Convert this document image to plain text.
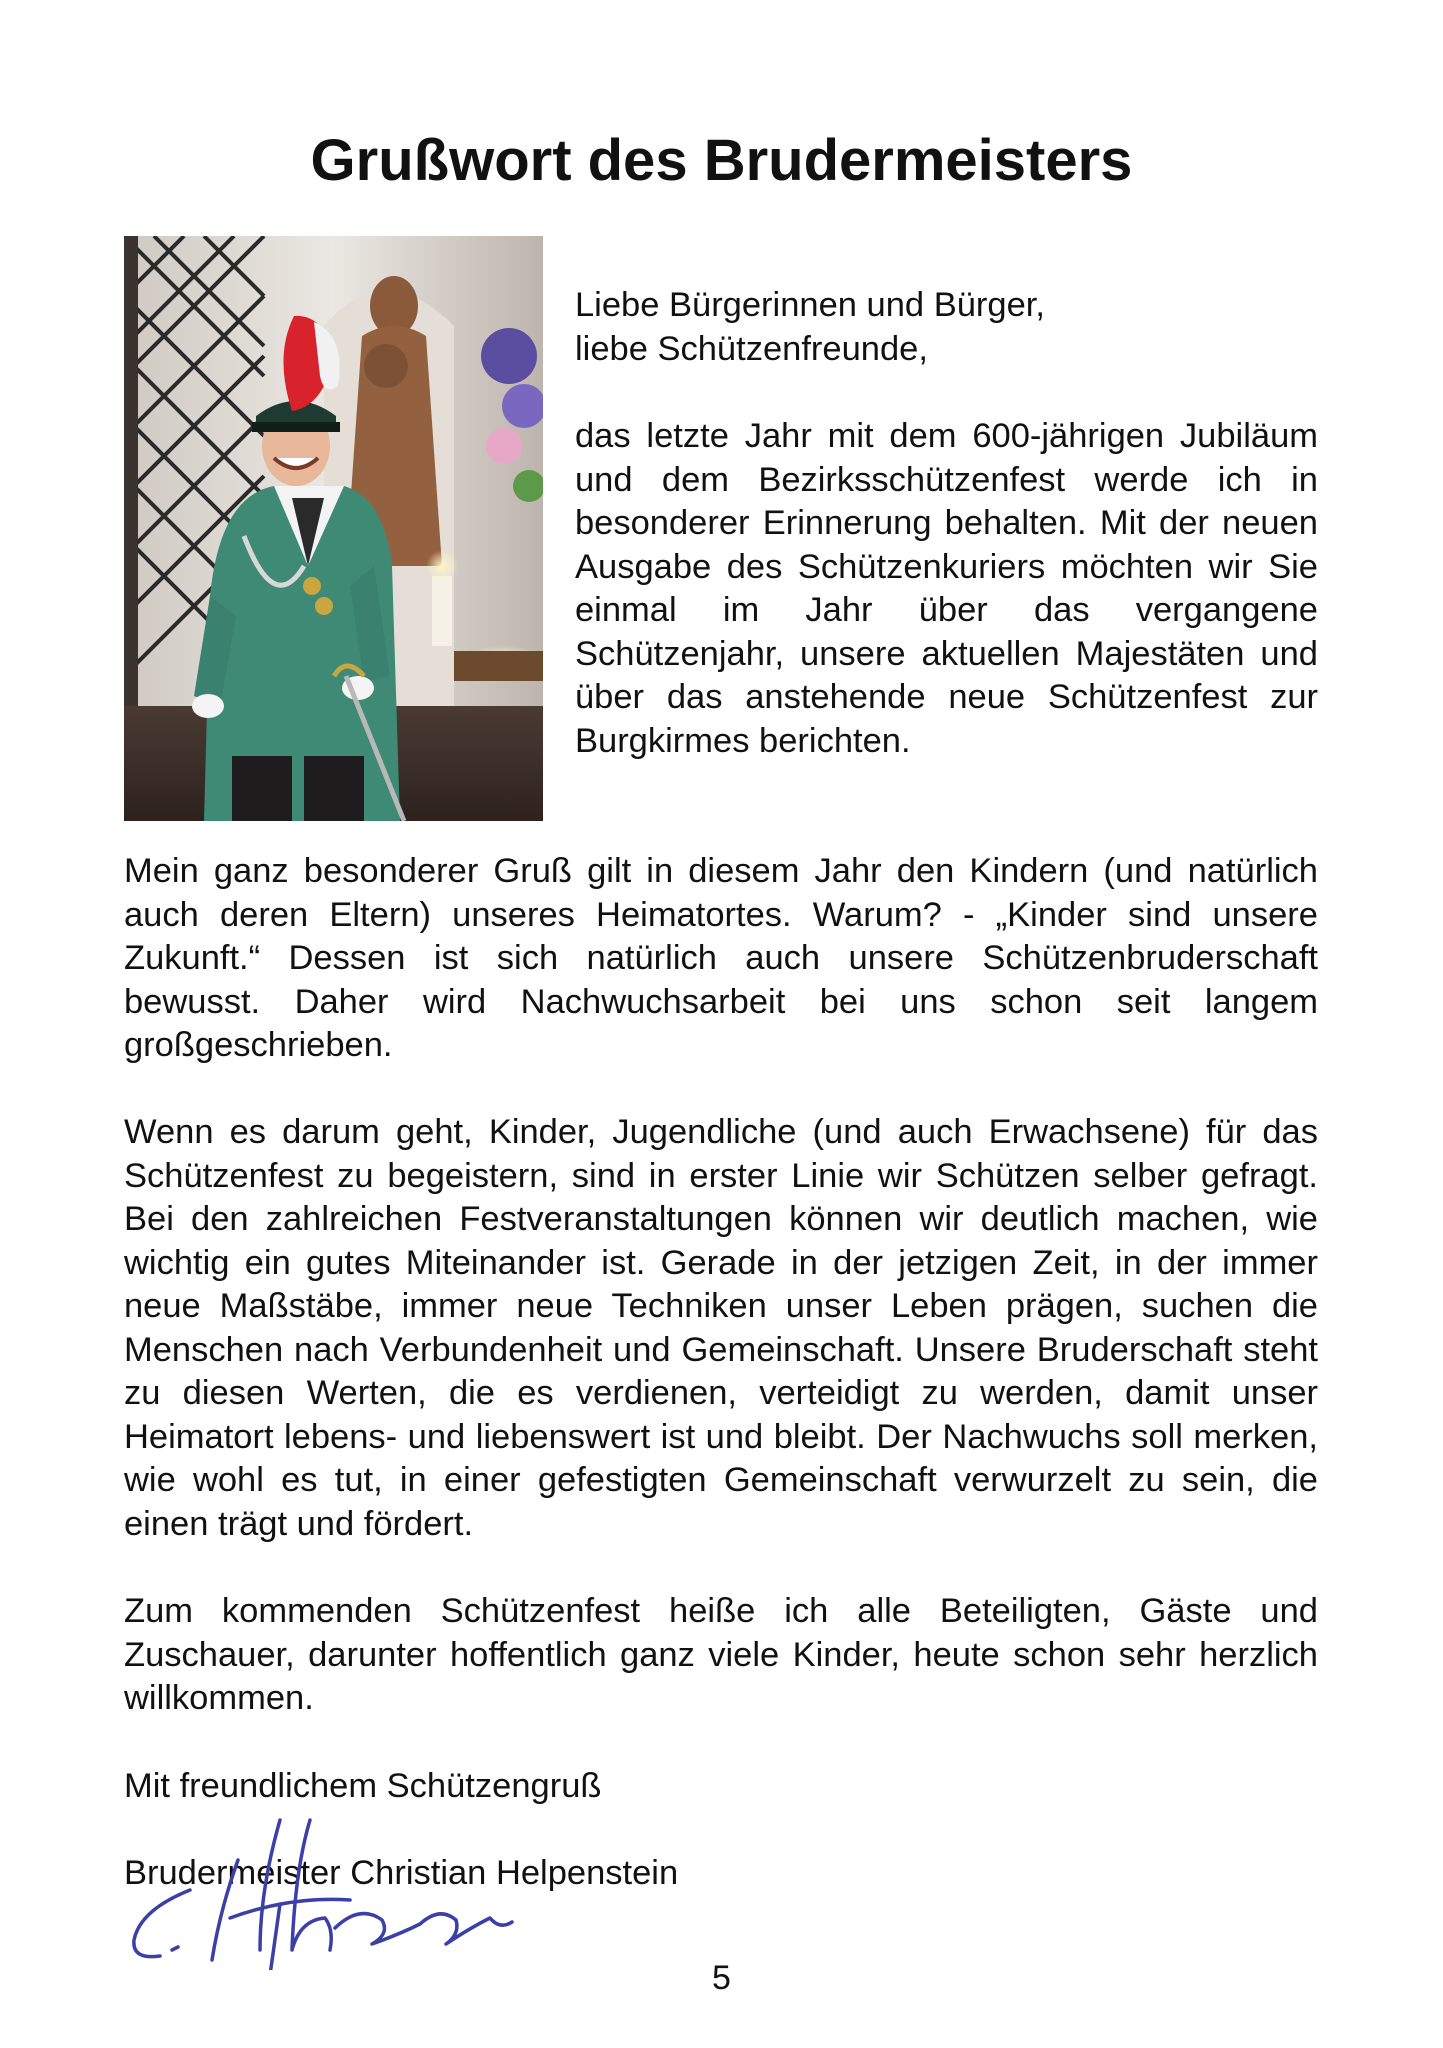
Grußwort des Brudermeisters

Liebe Bürgerinnen und Bürger,

liebe Schützenfreunde,

das letzte Jahr mit dem 600-jährigen Jubiläum und dem Bezirksschützenfest werde ich in besonderer Erinnerung behalten. Mit der neuen Ausgabe des Schützenkuriers möchten wir Sie einmal im Jahr über das vergangene Schützenjahr, unsere aktuellen Majestäten und über das anstehende neue Schützenfest zur Burgkirmes berichten.

Mein ganz besonderer Gruß gilt in diesem Jahr den Kindern (und natürlich auch deren Eltern) unseres Heimatortes. Warum? - „Kinder sind unsere Zukunft.“ Dessen ist sich natürlich auch unsere Schützenbruderschaft bewusst. Daher wird Nachwuchsarbeit bei uns schon seit langem großgeschrieben.

Wenn es darum geht, Kinder, Jugendliche (und auch Erwachsene) für das Schützenfest zu begeistern, sind in erster Linie wir Schützen selber gefragt. Bei den zahlreichen Festveranstaltungen können wir deutlich machen, wie wichtig ein gutes Miteinander ist. Gerade in der jetzigen Zeit, in der immer neue Maßstäbe, immer neue Techniken unser Leben prägen, suchen die Menschen nach Verbundenheit und Gemeinschaft. Unsere Bruderschaft steht zu diesen Werten, die es verdienen, verteidigt zu werden, damit unser Heimatort lebens- und liebenswert ist und bleibt. Der Nachwuchs soll merken, wie wohl es tut, in einer gefestigten Gemeinschaft verwurzelt zu sein, die einen trägt und fördert.

Zum kommenden Schützenfest heiße ich alle Beteiligten, Gäste und Zuschauer, darunter hoffentlich ganz viele Kinder, heute schon sehr herzlich willkommen.

Mit freundlichem Schützengruß
Brudermeister Christian Helpenstein
5
